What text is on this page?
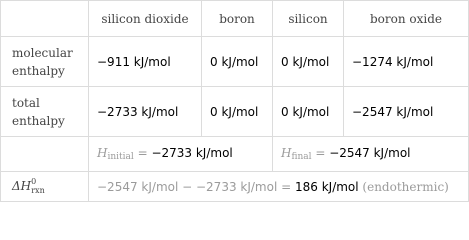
	silicon dioxide	boron	silicon	boron oxide
molecular
enthalpy	−911 kJ/mol	0 kJ/mol	0 kJ/mol	−1274 kJ/mol
total
enthalpy	−2733 kJ/mol	0 kJ/mol	0 kJ/mol	−2547 kJ/mol
	$H_{initial} = -2733$ kJ/mol		$H_{final} = -2547$ kJ/mol	
$\Delta H^0_{rxn}$	−2547 kJ/mol − −2733 kJ/mol = 186 kJ/mol (endothermic)			
